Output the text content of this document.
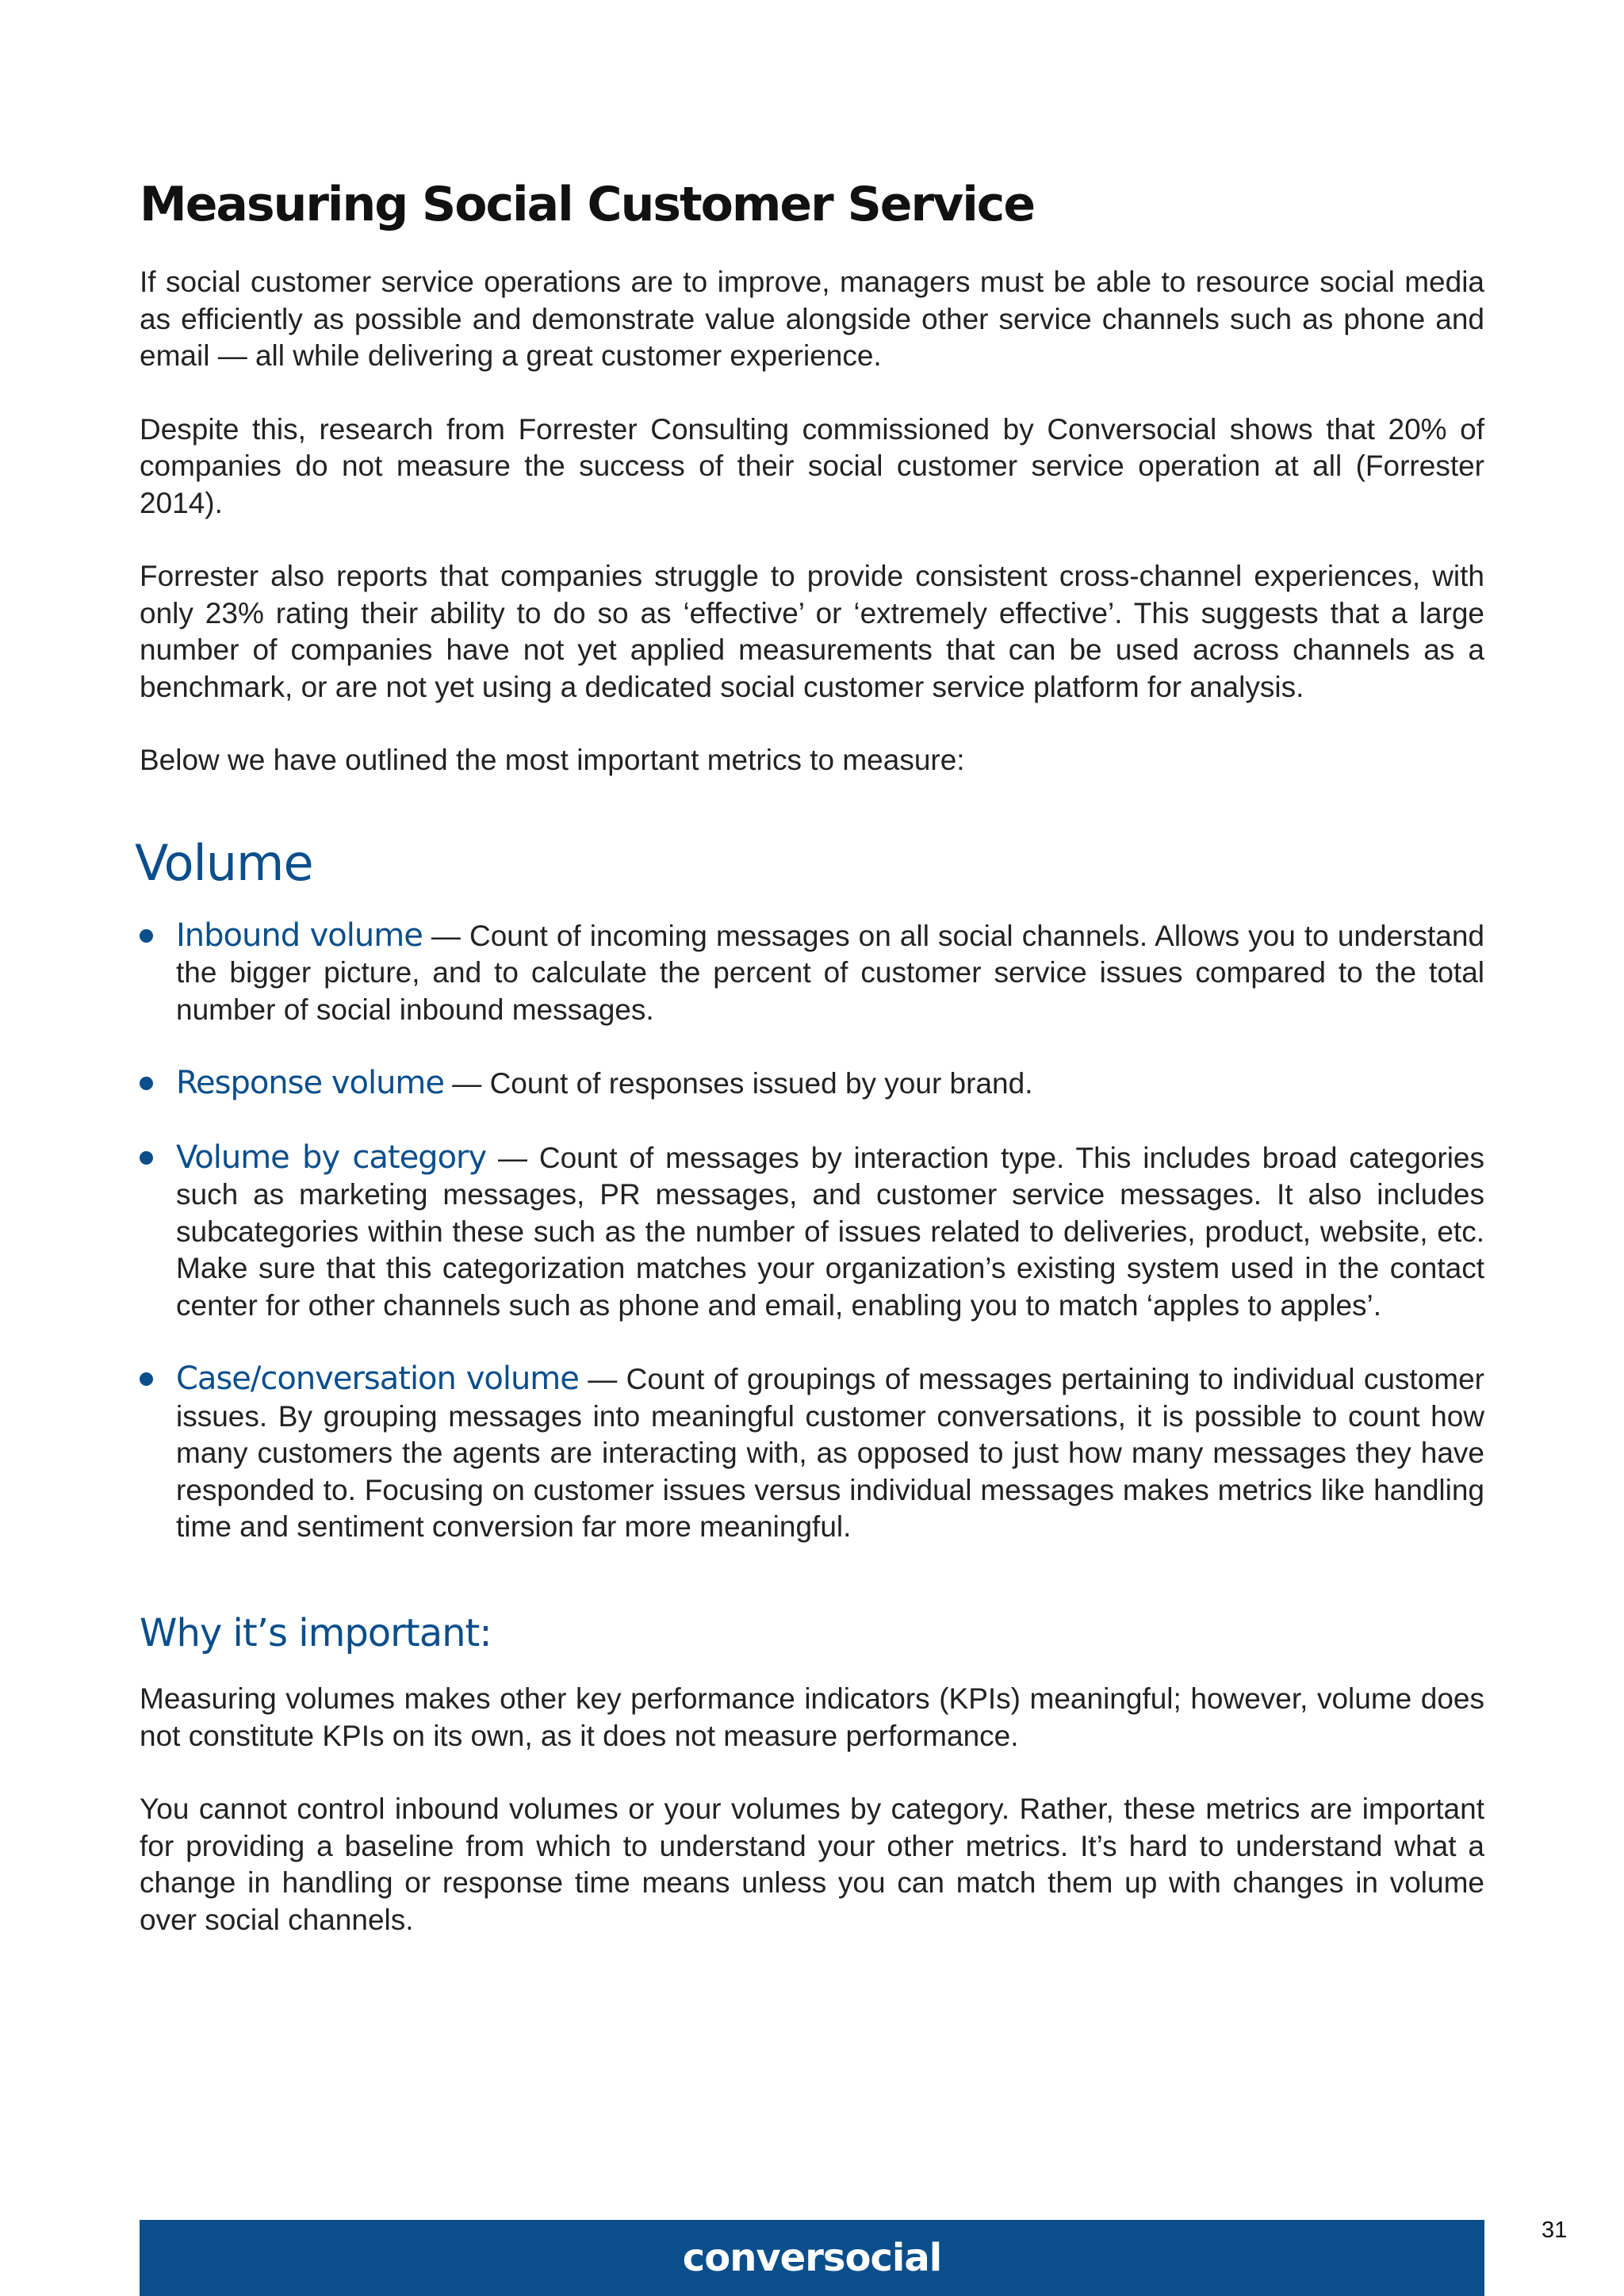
Measuring Social Customer Service

If social customer service operations are to improve, managers must be able to resource social media as efficiently as possible and demonstrate value alongside other service channels such as phone and email — all while delivering a great customer experience.

Despite this, research from Forrester Consulting commissioned by Conversocial shows that 20% of companies do not measure the success of their social customer service operation at all (Forrester 2014).

Forrester also reports that companies struggle to provide consistent cross-channel experiences, with only 23% rating their ability to do so as ‘effective’ or ‘extremely effective’. This suggests that a large number of companies have not yet applied measurements that can be used across channels as a benchmark, or are not yet using a dedicated social customer service platform for analysis.

Below we have outlined the most important metrics to measure:

Volume
Inbound volume — Count of incoming messages on all social channels. Allows you to understand the bigger picture, and to calculate the percent of customer service issues compared to the total number of social inbound messages.
Response volume — Count of responses issued by your brand.
Volume by category — Count of messages by interaction type. This includes broad categories such as marketing messages, PR messages, and customer service messages. It also includes subcategories within these such as the number of issues related to deliveries, product, website, etc. Make sure that this categorization matches your organization’s existing system used in the contact center for other channels such as phone and email, enabling you to match ‘apples to apples’.
Case/conversation volume — Count of groupings of messages pertaining to individual customer issues. By grouping messages into meaningful customer conversations, it is possible to count how many customers the agents are interacting with, as opposed to just how many messages they have responded to. Focusing on customer issues versus individual messages makes metrics like handling time and sentiment conversion far more meaningful.
Why it’s important:

Measuring volumes makes other key performance indicators (KPIs) meaningful; however, volume does not constitute KPIs on its own, as it does not measure performance.

You cannot control inbound volumes or your volumes by category. Rather, these metrics are important for providing a baseline from which to understand your other metrics. It’s hard to understand what a change in handling or response time means unless you can match them up with changes in volume over social channels.

conversocial
31
